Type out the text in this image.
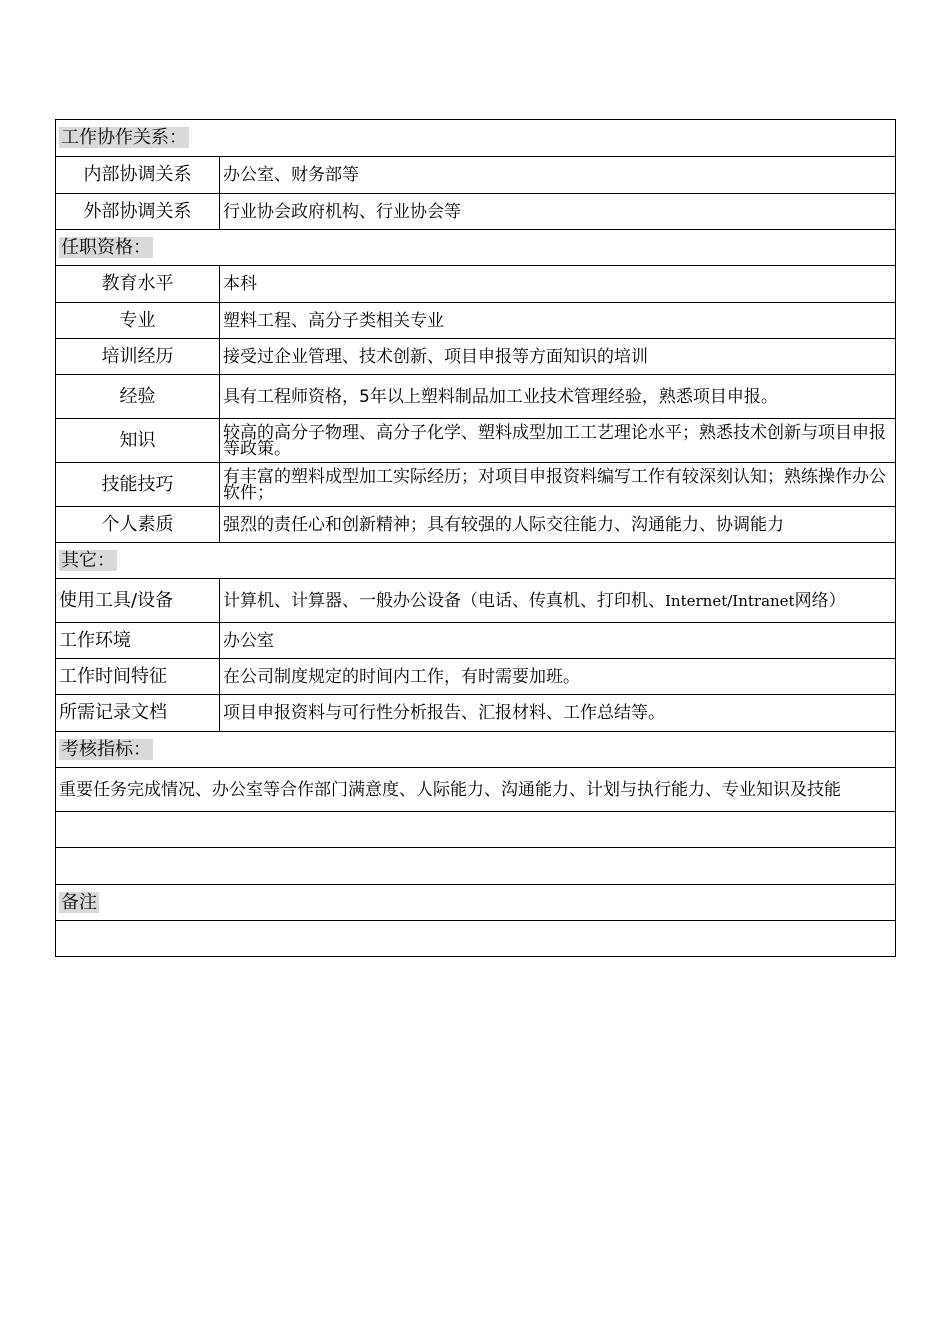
工作协作关系：	
内部协调关系	办公室、财务部等
外部协调关系	行业协会政府机构、行业协会等
任职资格：	
教育水平	本科
专业	塑料工程、高分子类相关专业
培训经历	接受过企业管理、技术创新、项目申报等方面知识的培训
经验	具有工程师资格，5年以上塑料制品加工业技术管理经验，熟悉项目申报。

知识	较高的高分子物理、高分子化学、塑料成型加工工艺理论水平；熟悉技术创新与项目申报等政策。

技能技巧	有丰富的塑料成型加工实际经历；对项目申报资料编写工作有较深刻认知；熟练操作办公软件；

个人素质	强烈的责任心和创新精神；具有较强的人际交往能力、沟通能力、协调能力
其它：	
使用工具/设备	计算机、计算器、一般办公设备（电话、传真机、打印机、Internet/Intranet网络）

工作环境	办公室
工作时间特征	在公司制度规定的时间内工作，有时需要加班。
所需记录文档	项目申报资料与可行性分析报告、汇报材料、工作总结等。
考核指标：	

重要任务完成情况、办公室等合作部门满意度、人际能力、沟通能力、计划与执行能力、专业知识及技能	

备注	
